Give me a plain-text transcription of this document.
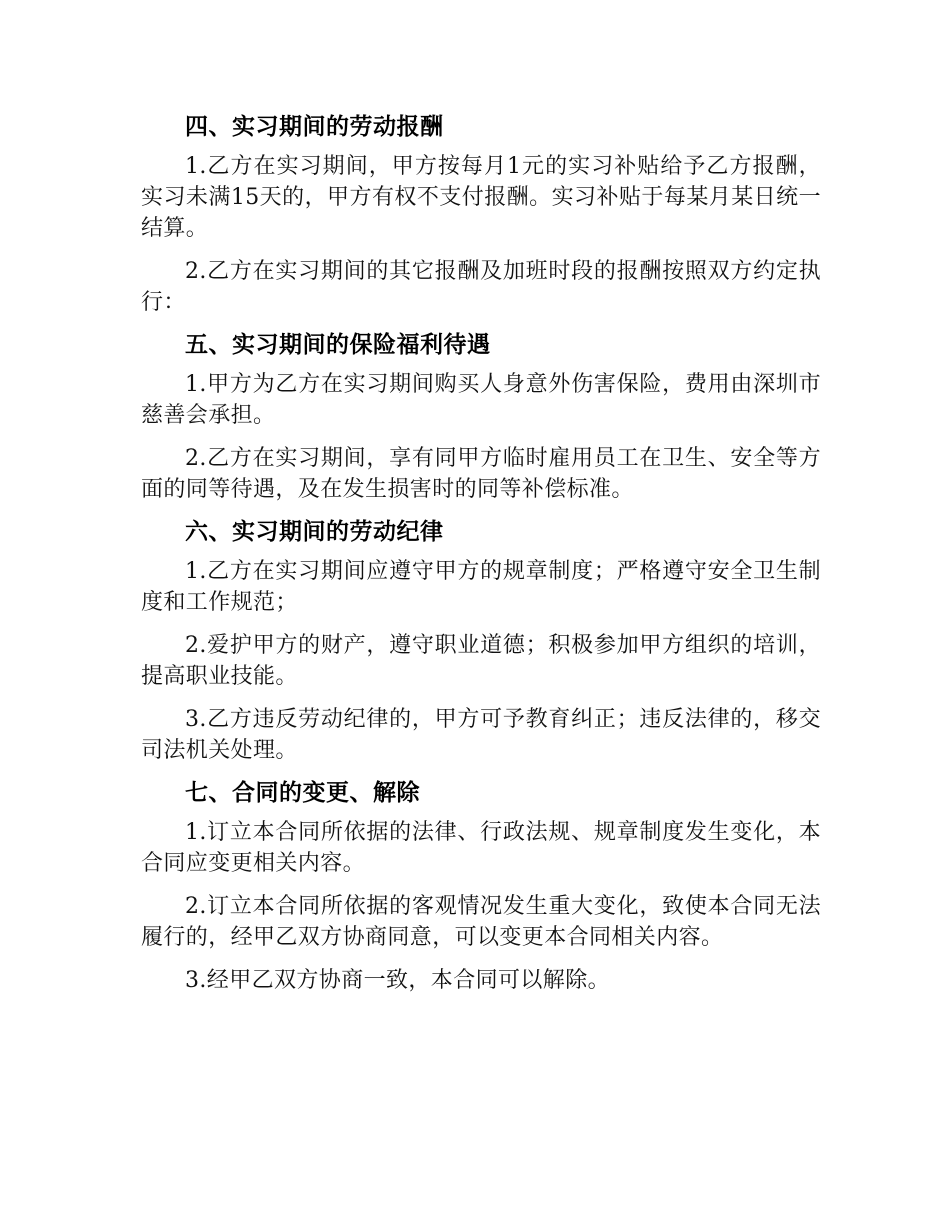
四、实习期间的劳动报酬

1.乙方在实习期间，甲方按每月1元的实习补贴给予乙方报酬，实习未满15天的，甲方有权不支付报酬。实习补贴于每某月某日统一结算。

2.乙方在实习期间的其它报酬及加班时段的报酬按照双方约定执行：

五、实习期间的保险福利待遇

1.甲方为乙方在实习期间购买人身意外伤害保险，费用由深圳市慈善会承担。

2.乙方在实习期间，享有同甲方临时雇用员工在卫生、安全等方面的同等待遇，及在发生损害时的同等补偿标准。

六、实习期间的劳动纪律

1.乙方在实习期间应遵守甲方的规章制度；严格遵守安全卫生制度和工作规范；

2.爱护甲方的财产，遵守职业道德；积极参加甲方组织的培训，提高职业技能。

3.乙方违反劳动纪律的，甲方可予教育纠正；违反法律的，移交司法机关处理。

七、合同的变更、解除

1.订立本合同所依据的法律、行政法规、规章制度发生变化，本合同应变更相关内容。

2.订立本合同所依据的客观情况发生重大变化，致使本合同无法履行的，经甲乙双方协商同意，可以变更本合同相关内容。

3.经甲乙双方协商一致，本合同可以解除。
